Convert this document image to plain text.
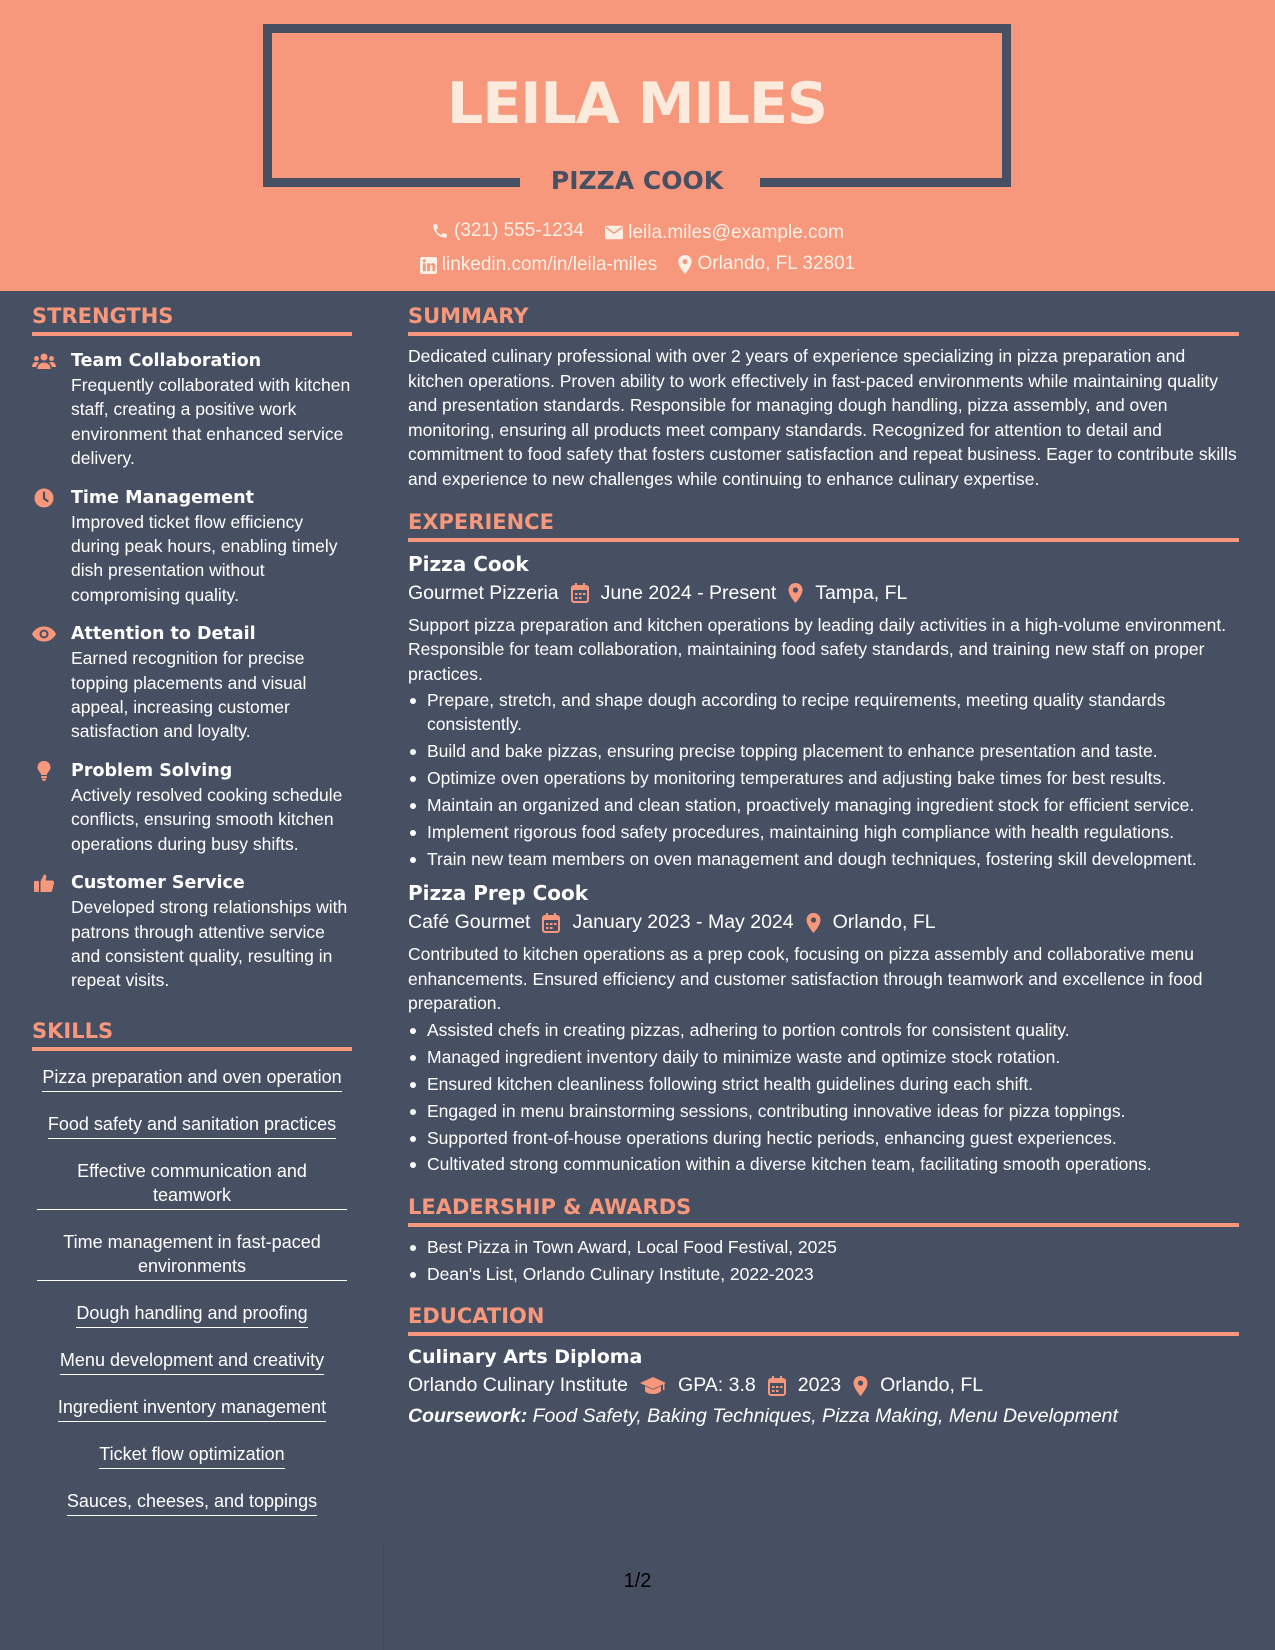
LEILA MILES
PIZZA COOK
(321) 555-1234
leila.miles@example.com
linkedin.com/in/leila-miles
Orlando, FL 32801
STRENGTHS
Team Collaboration
Frequently collaborated with kitchen staff, creating a positive work environment that enhanced service delivery.
Time Management
Improved ticket flow efficiency during peak hours, enabling timely dish presentation without compromising quality.
Attention to Detail
Earned recognition for precise topping placements and visual appeal, increasing customer satisfaction and loyalty.
Problem Solving
Actively resolved cooking schedule conflicts, ensuring smooth kitchen operations during busy shifts.
Customer Service
Developed strong relationships with patrons through attentive service and consistent quality, resulting in repeat visits.
SKILLS
Pizza preparation and oven operation
Food safety and sanitation practices
Effective communication and teamwork
Time management in fast-paced environments
Dough handling and proofing
Menu development and creativity
Ingredient inventory management
Ticket flow optimization
Sauces, cheeses, and toppings
SUMMARY
Dedicated culinary professional with over 2 years of experience specializing in pizza preparation and kitchen operations. Proven ability to work effectively in fast-paced environments while maintaining quality and presentation standards. Responsible for managing dough handling, pizza assembly, and oven monitoring, ensuring all products meet company standards. Recognized for attention to detail and commitment to food safety that fosters customer satisfaction and repeat business. Eager to contribute skills and experience to new challenges while continuing to enhance culinary expertise.
EXPERIENCE
Pizza Cook
Gourmet Pizzeria June 2024 - Present Tampa, FL
Support pizza preparation and kitchen operations by leading daily activities in a high-volume environment. Responsible for team collaboration, maintaining food safety standards, and training new staff on proper practices.
Prepare, stretch, and shape dough according to recipe requirements, meeting quality standards consistently.
Build and bake pizzas, ensuring precise topping placement to enhance presentation and taste.
Optimize oven operations by monitoring temperatures and adjusting bake times for best results.
Maintain an organized and clean station, proactively managing ingredient stock for efficient service.
Implement rigorous food safety procedures, maintaining high compliance with health regulations.
Train new team members on oven management and dough techniques, fostering skill development.
Pizza Prep Cook
Café Gourmet January 2023 - May 2024 Orlando, FL
Contributed to kitchen operations as a prep cook, focusing on pizza assembly and collaborative menu enhancements. Ensured efficiency and customer satisfaction through teamwork and excellence in food preparation.
Assisted chefs in creating pizzas, adhering to portion controls for consistent quality.
Managed ingredient inventory daily to minimize waste and optimize stock rotation.
Ensured kitchen cleanliness following strict health guidelines during each shift.
Engaged in menu brainstorming sessions, contributing innovative ideas for pizza toppings.
Supported front-of-house operations during hectic periods, enhancing guest experiences.
Cultivated strong communication within a diverse kitchen team, facilitating smooth operations.
LEADERSHIP & AWARDS
Best Pizza in Town Award, Local Food Festival, 2025
Dean's List, Orlando Culinary Institute, 2022-2023
EDUCATION
Culinary Arts Diploma
Orlando Culinary Institute	GPA: 3.8 2023 Orlando, FL
Coursework: Food Safety, Baking Techniques, Pizza Making, Menu Development
1/2
